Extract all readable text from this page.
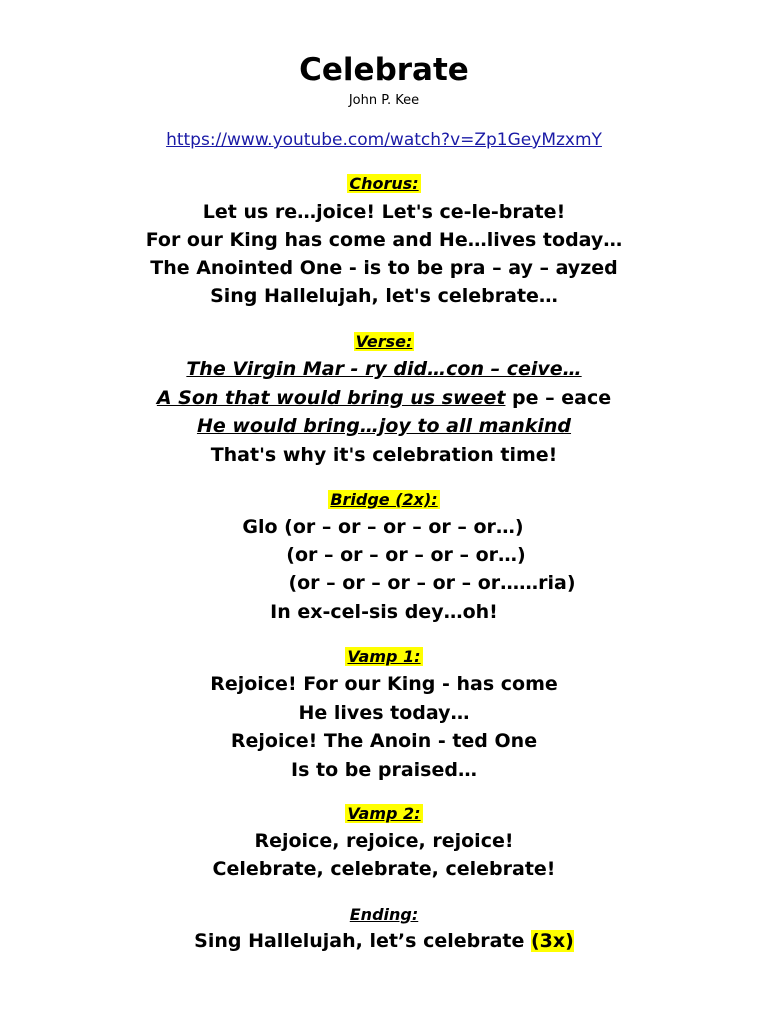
Celebrate
John P. Kee
https://www.youtube.com/watch?v=Zp1GeyMzxmY
Chorus:
Let us re…joice! Let's ce-le-brate!
For our King has come and He…lives today…
The Anointed One - is to be pra – ay – ayzed
Sing Hallelujah, let's celebrate…
Verse:
The Virgin Mar - ry did…con – ceive…
A Son that would bring us sweet pe – eace
He would bring…joy to all mankind
That's why it's celebration time!
Bridge (2x):
Glo (or – or – or – or – or…)
(or – or – or – or – or…)
(or – or – or – or – or……ria)
In ex-cel-sis dey…oh!
Vamp 1:
Rejoice! For our King - has come
He lives today…
Rejoice! The Anoin - ted One
Is to be praised…
Vamp 2:
Rejoice, rejoice, rejoice!
Celebrate, celebrate, celebrate!
Ending:
Sing Hallelujah, let’s celebrate (3x)
